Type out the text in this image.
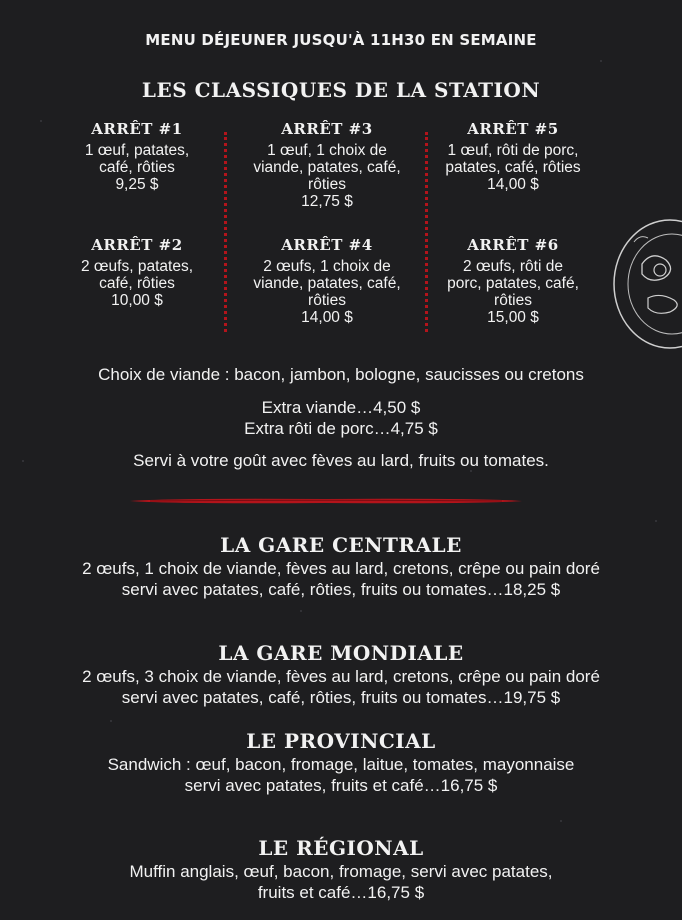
MENU DÉJEUNER JUSQU'À 11H30 EN SEMAINE
LES CLASSIQUES DE LA STATION
ARRÊT #1
1 œuf, patates,
café, rôties
9,25 $
ARRÊT #2
2 œufs, patates,
café, rôties
10,00 $
ARRÊT #3
1 œuf, 1 choix de
viande, patates, café,
rôties
12,75 $
ARRÊT #4
2 œufs, 1 choix de
viande, patates, café,
rôties
14,00 $
ARRÊT #5
1 œuf, rôti de porc,
patates, café, rôties
14,00 $
ARRÊT #6
2 œufs, rôti de
porc, patates, café,
rôties
15,00 $
Choix de viande : bacon, jambon, bologne, saucisses ou cretons
Extra viande…4,50 $
Extra rôti de porc…4,75 $
Servi à votre goût avec fèves au lard, fruits ou tomates.
LA GARE CENTRALE
2 œufs, 1 choix de viande, fèves au lard, cretons, crêpe ou pain doré
servi avec patates, café, rôties, fruits ou tomates…18,25 $
LA GARE MONDIALE
2 œufs, 3 choix de viande, fèves au lard, cretons, crêpe ou pain doré
servi avec patates, café, rôties, fruits ou tomates…19,75 $
LE PROVINCIAL
Sandwich : œuf, bacon, fromage, laitue, tomates, mayonnaise
servi avec patates, fruits et café…16,75 $
LE RÉGIONAL
Muffin anglais, œuf, bacon, fromage, servi avec patates,
fruits et café…16,75 $
